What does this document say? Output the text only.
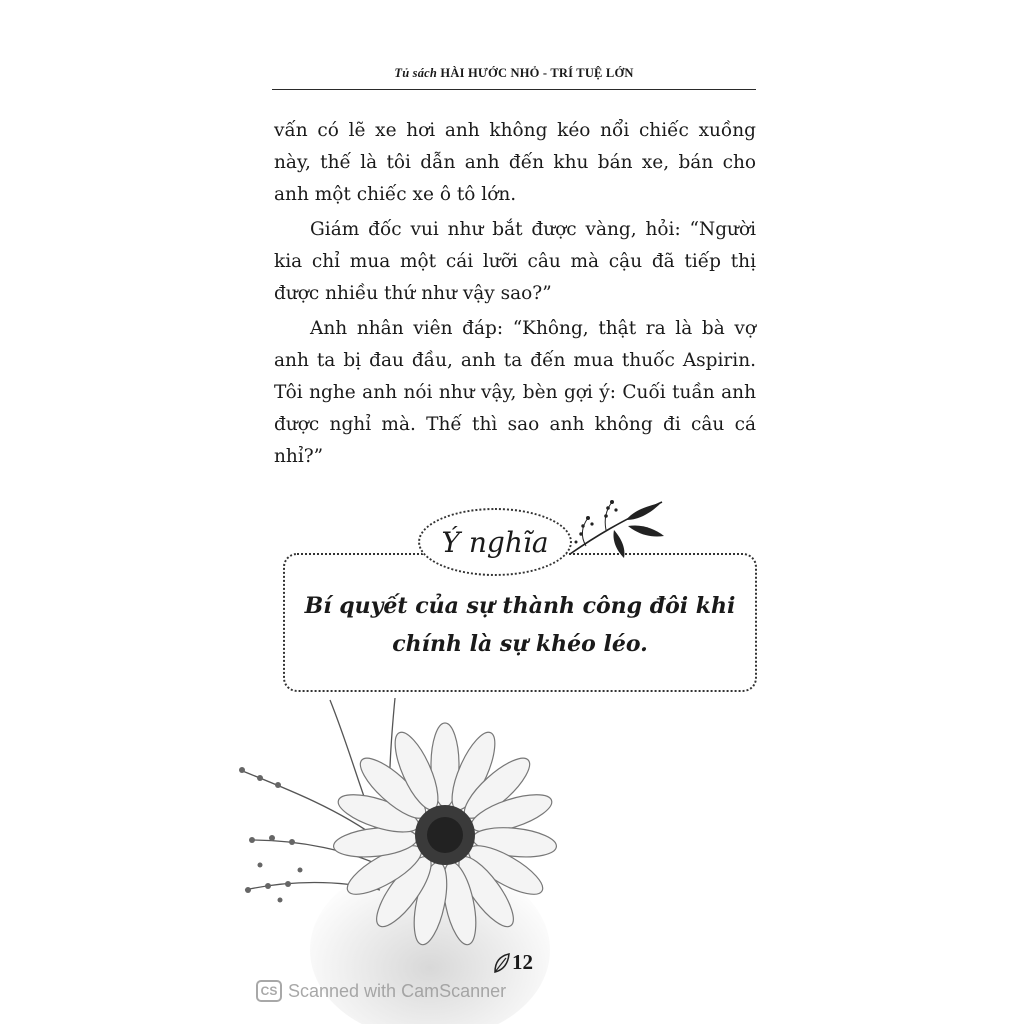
Tủ sách HÀI HƯỚC NHỎ - TRÍ TUỆ LỚN

vấn có lẽ xe hơi anh không kéo nổi chiếc xuồng này, thế là tôi dẫn anh đến khu bán xe, bán cho anh một chiếc xe ô tô lớn.

Giám đốc vui như bắt được vàng, hỏi: “Người kia chỉ mua một cái lưỡi câu mà cậu đã tiếp thị được nhiều thứ như vậy sao?”

Anh nhân viên đáp: “Không, thật ra là bà vợ anh ta bị đau đầu, anh ta đến mua thuốc Aspirin. Tôi nghe anh nói như vậy, bèn gợi ý: Cuối tuần anh được nghỉ mà. Thế thì sao anh không đi câu cá nhỉ?”

Ý nghĩa
Bí quyết của sự thành công đôi khi chính là sự khéo léo.
12
CS Scanned with CamScanner
